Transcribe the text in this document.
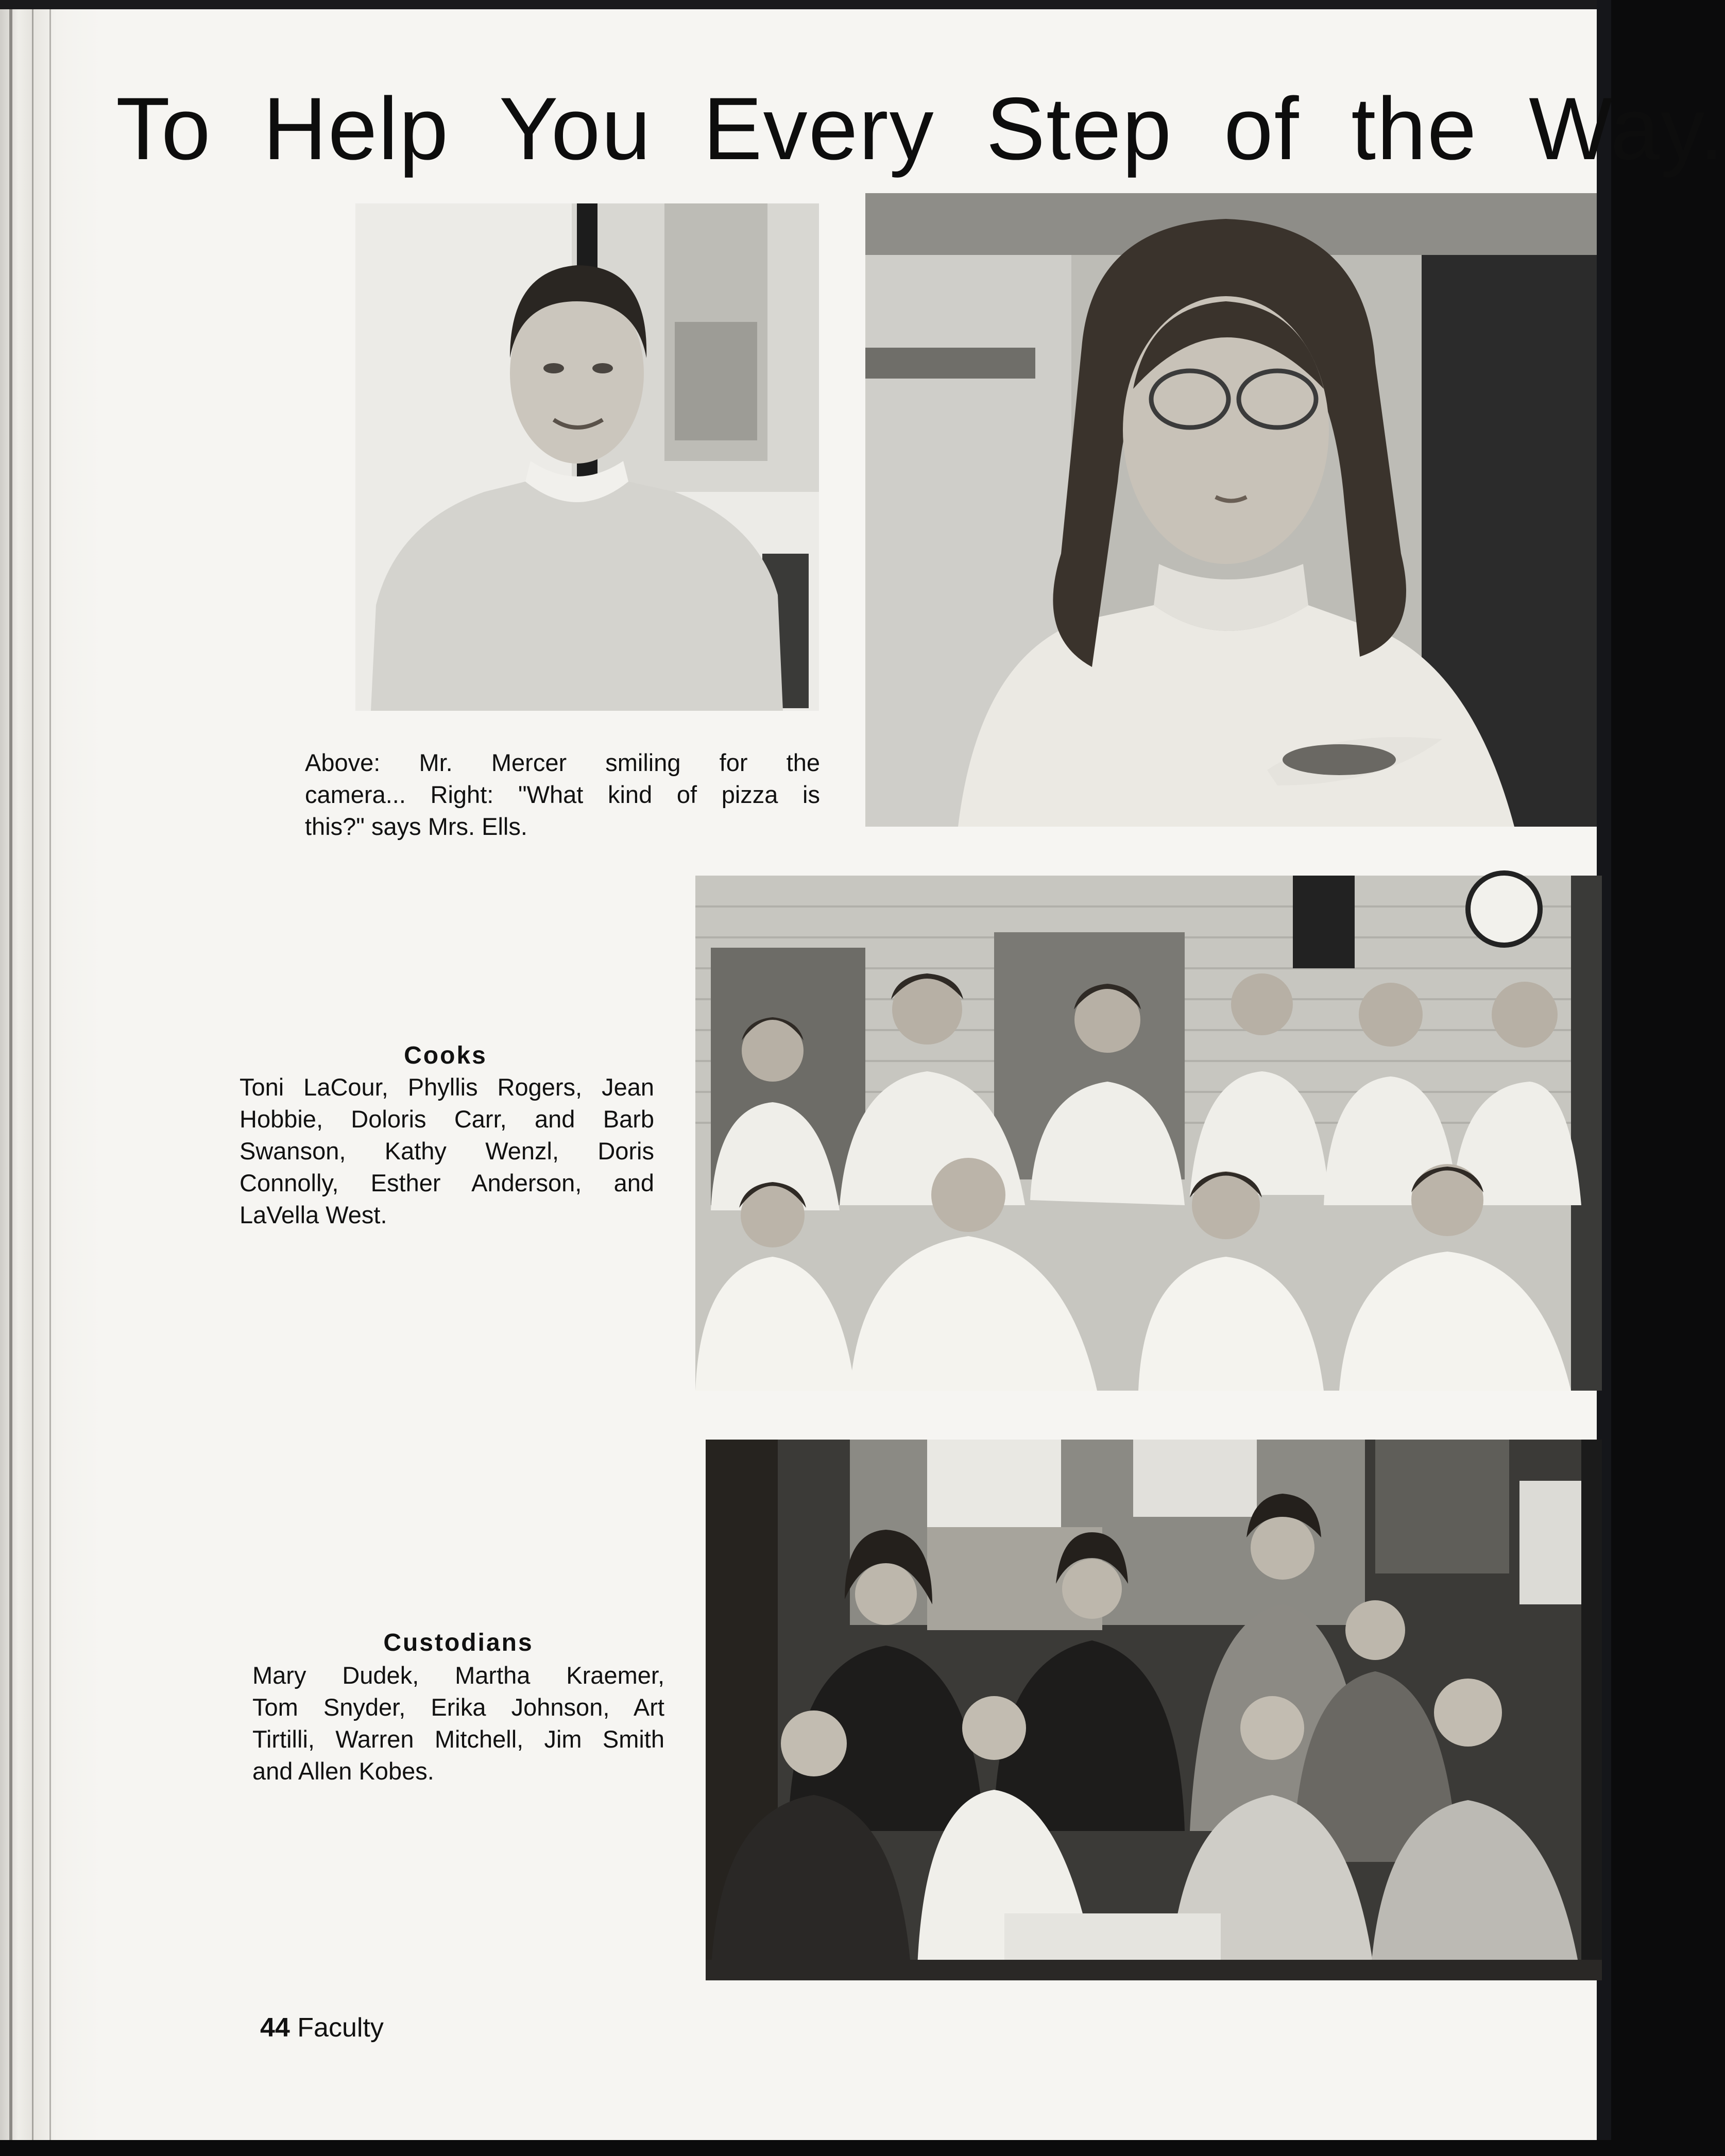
To Help You Every Step of the Way.

Above: Mr. Mercer smiling for the

camera... Right: "What kind of pizza is

this?" says Mrs. Ells.

Cooks

Toni LaCour, Phyllis Rogers, Jean

Hobbie, Doloris Carr, and Barb

Swanson, Kathy Wenzl, Doris

Connolly, Esther Anderson, and

LaVella West.

Custodians

Mary Dudek, Martha Kraemer,

Tom Snyder, Erika Johnson, Art

Tirtilli, Warren Mitchell, Jim Smith

and Allen Kobes.

44 Faculty
